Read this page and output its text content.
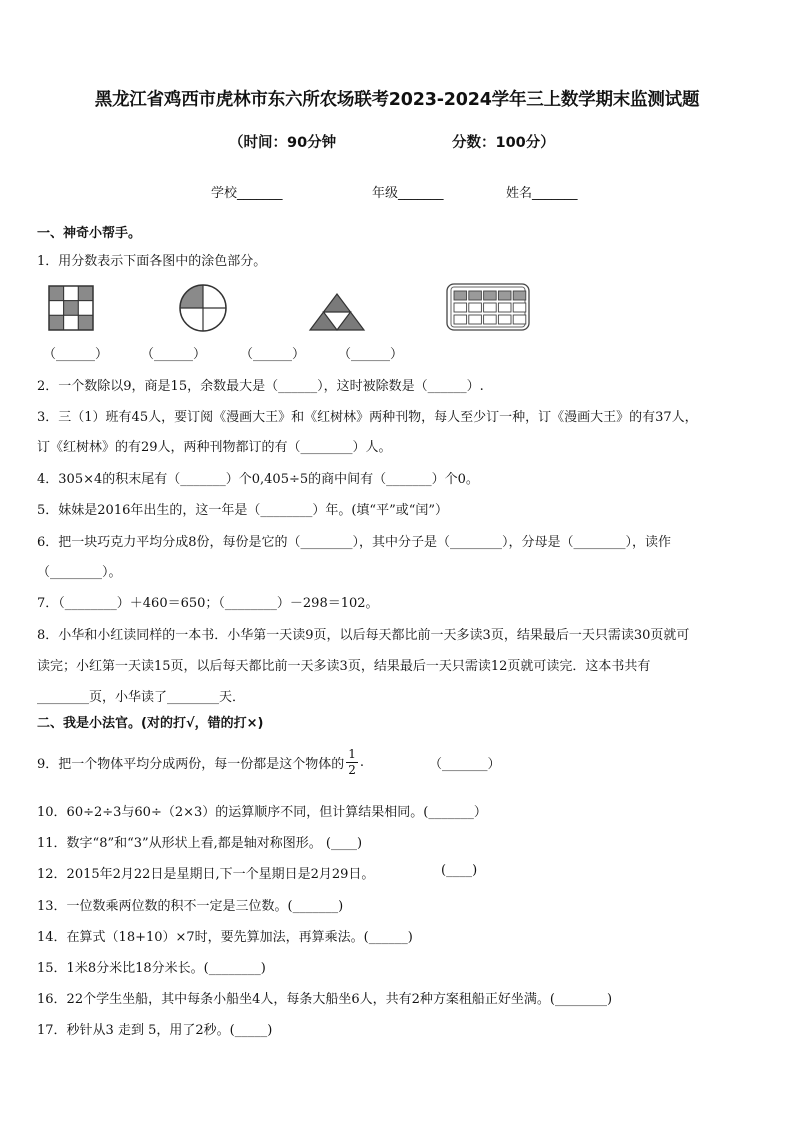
黑龙江省鸡西市虎林市东六所农场联考2023-2024学年三上数学期末监测试题
（时间：90分钟	分数：100分）
学校_______	年级_______	姓名_______
一、神奇小帮手。
1．用分数表示下面各图中的涂色部分。
（______）	（______）	（______）	（______）
2．一个数除以9，商是15，余数最大是（______），这时被除数是（______）.
3．三（1）班有45人，要订阅《漫画大王》和《红树林》两种刊物，每人至少订一种，订《漫画大王》的有37人，
订《红树林》的有29人，两种刊物都订的有（________）人。
4．305×4的积末尾有（_______）个0,405÷5的商中间有（_______）个0。
5．妹妹是2016年出生的，这一年是（________）年。(填“平”或“闰”）
6．把一块巧克力平均分成8份，每份是它的（________），其中分子是（________），分母是（________），读作
（________）。
7．（________）＋460＝650；（________）－298＝102。
8．小华和小红读同样的一本书．小华第一天读9页，以后每天都比前一天多读3页，结果最后一天只需读30页就可
读完；小红第一天读15页，以后每天都比前一天多读3页，结果最后一天只需读12页就可读完．这本书共有
________页，小华读了________天．
二、我是小法官。(对的打√，错的打×)
9．把一个物体平均分成两份，每一份都是这个物体的 $\frac{1}{2}$ .	（_______）
10．60÷2÷3与60÷（2×3）的运算顺序不同，但计算结果相同。(_______）
11．数字“8”和“3”从形状上看,都是轴对称图形。 (____)
12．2015年2月22日是星期日,下一个星期日是2月29日。	(____)
13．一位数乘两位数的积不一定是三位数。(_______)
14．在算式（18+10）×7时，要先算加法，再算乘法。(______)
15．1米8分米比18分米长。(________)
16．22个学生坐船，其中每条小船坐4人，每条大船坐6人，共有2种方案租船正好坐满。(________)
17．秒针从3 走到 5，用了2秒。(_____)
